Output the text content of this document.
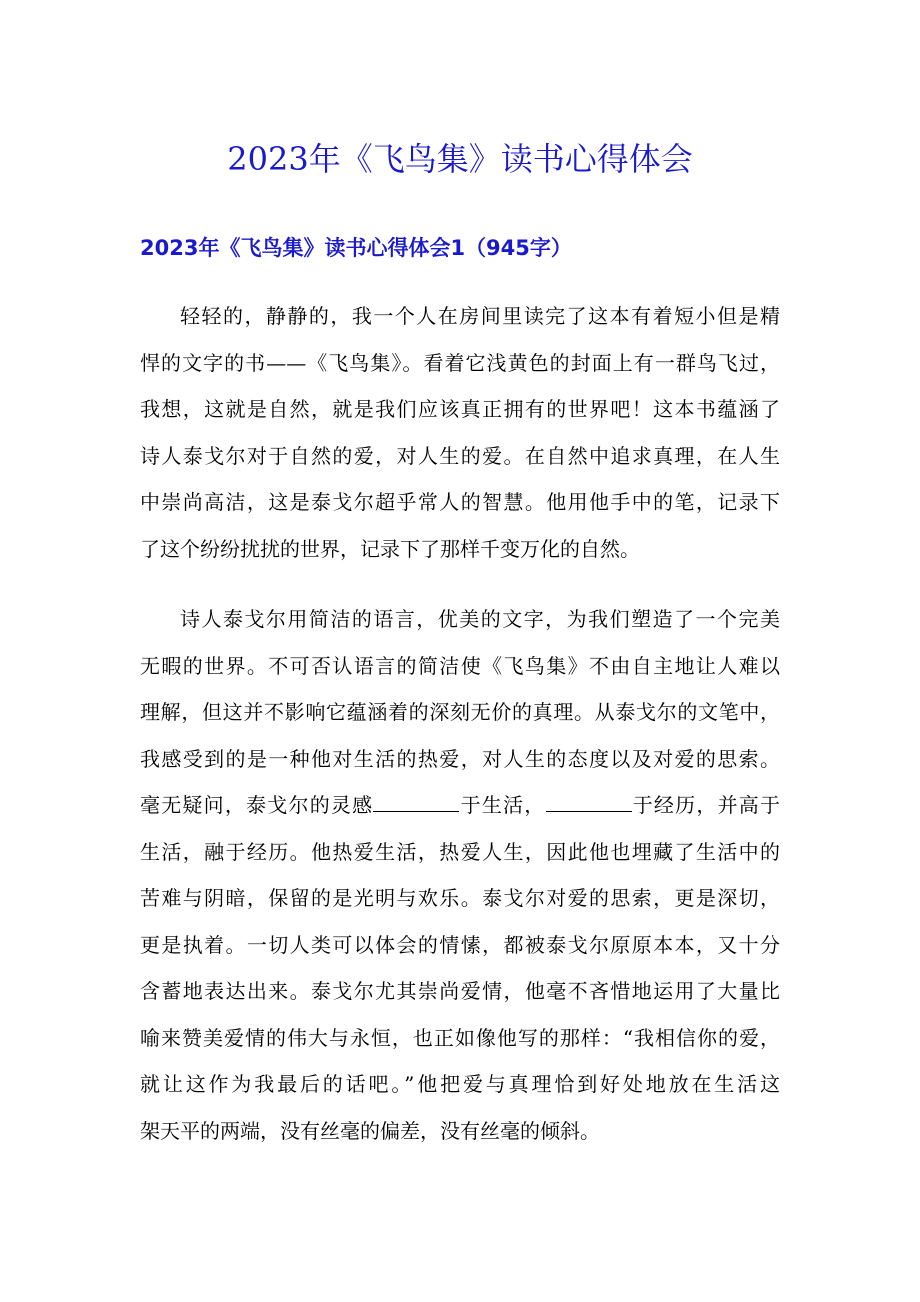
2023年《飞鸟集》读书心得体会
2023年《飞鸟集》读书心得体会1（945字）
轻轻的，静静的，我一个人在房间里读完了这本有着短小但是精
悍的文字的书——《飞鸟集》。看着它浅黄色的封面上有一群鸟飞过，
我想，这就是自然，就是我们应该真正拥有的世界吧！这本书蕴涵了
诗人泰戈尔对于自然的爱，对人生的爱。在自然中追求真理，在人生
中崇尚高洁，这是泰戈尔超乎常人的智慧。他用他手中的笔，记录下
了这个纷纷扰扰的世界，记录下了那样千变万化的自然。
诗人泰戈尔用简洁的语言，优美的文字，为我们塑造了一个完美
无暇的世界。不可否认语言的简洁使《飞鸟集》不由自主地让人难以
理解，但这并不影响它蕴涵着的深刻无价的真理。从泰戈尔的文笔中，
我感受到的是一种他对生活的热爱，对人生的态度以及对爱的思索。
毫无疑问，泰戈尔的灵感	于生活，	于经历，并高于
生活，融于经历。他热爱生活，热爱人生，因此他也埋藏了生活中的
苦难与阴暗，保留的是光明与欢乐。泰戈尔对爱的思索，更是深切，
更是执着。一切人类可以体会的情愫，都被泰戈尔原原本本，又十分
含蓄地表达出来。泰戈尔尤其崇尚爱情，他毫不吝惜地运用了大量比
喻来赞美爱情的伟大与永恒，也正如像他写的那样：“我相信你的爱，
就让这作为我最后的话吧。”他把爱与真理恰到好处地放在生活这
架天平的两端，没有丝毫的偏差，没有丝毫的倾斜。
